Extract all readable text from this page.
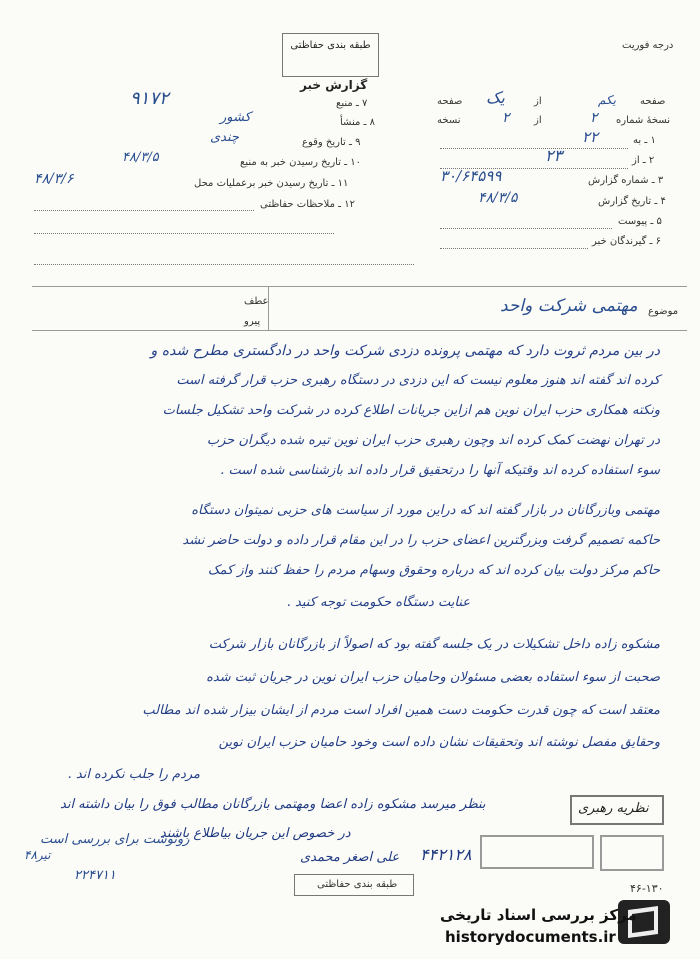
درجه فوریت
طبقه بندی حفاظتی
گزارش خبر
صفحه
یکم
از
یک
صفحه
نسخهٔ شماره
۲
از
۲
نسخه
۱ ـ به
۲۲
۲ ـ از
۲۳
۳ ـ شماره گزارش
۳۰/۶۴۵۹۹
۴ ـ تاریخ گزارش
۴۸/۳/۵
۵ ـ پیوست
۶ ـ گیرندگان خبر
۷ ـ منبع
۹۱۷۲
۸ ـ منشأ
کشور
۹ ـ تاریخ وقوع
چندی
۱۰ ـ تاریخ رسیدن خبر به منبع
۴۸/۳/۵
۱۱ ـ تاریخ رسیدن خبر برعملیات محل
۴۸/۳/۶
۱۲ ـ ملاحظات حفاظتی
موضوع
مهتمی شرکت واحد
عطف
پیرو
در بین مردم ثروت دارد که مهتمی پرونده دزدی شرکت واحد در دادگستری مطرح شده و
کرده اند گفته اند هنوز معلوم نیست که این دزدی در دستگاه رهبری حزب قرار گرفته است
ونکته همکاری حزب ایران نوین هم ازاین جریانات اطلاع کرده در شرکت واحد تشکیل جلسات
در تهران نهضت کمک کرده اند وچون رهبری حزب ایران نوین تیره شده دیگران حزب
سوء استفاده کرده اند وقتیکه آنها را درتحقیق قرار داده اند بازشناسی شده است .
مهتمی وبازرگانان در بازار گفته اند که دراین مورد از سیاست های حزبی نمیتوان دستگاه
حاکمه تصمیم گرفت وبزرگترین اعضای حزب را در این مقام قرار داده و دولت حاضر نشد
حاکم مرکز دولت بیان کرده اند که درباره وحقوق وسهام مردم را حفظ کنند واز کمک
عنایت دستگاه حکومت توجه کنید .
مشکوه زاده داخل تشکیلات در یک جلسه گفته بود که اصولاً از بازرگانان بازار شرکت
صحبت از سوء استفاده بعضی مسئولان وحامیان حزب ایران نوین در جریان ثبت شده
معتقد است که چون قدرت حکومت دست همین افراد است مردم از ایشان بیزار شده اند مطالب
وحقایق مفصل نوشته اند وتحقیقات نشان داده است وخود حامیان حزب ایران نوین
مردم را جلب نکرده اند .
نظریه رهبری
بنظر میرسد مشکوه زاده اعضا ومهتمی بازرگانان مطالب فوق را بیان داشته اند
در خصوص این جریان بیاطلاع باشند
علی اصغر محمدی ۴۴۲۱۲۸
رونوشت برای بررسی است
۲۲۴۷۱۱
تیر۴۸
طبقه بندی حفاظتی	۴۶-۱۳۰
مرکز بررسی اسناد تاریخی
historydocuments.ir
